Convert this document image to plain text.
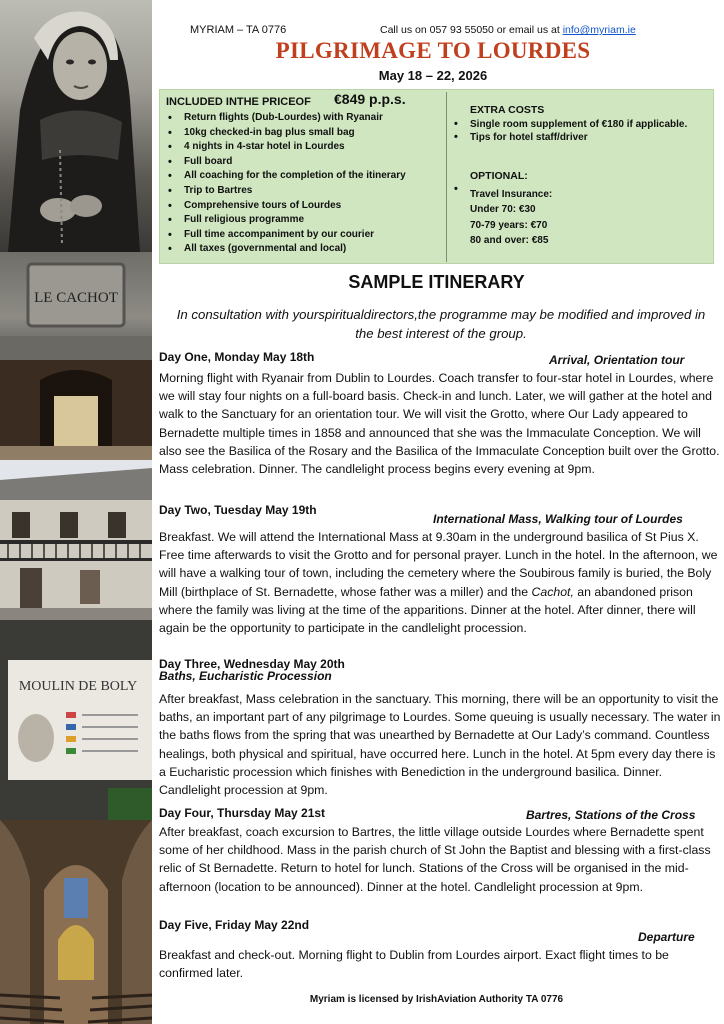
LE CACHOT
MOULIN DE BOLY
MYRIAM – TA 0776	Call us on 057 93 55050 or email us at info@myriam.ie
PILGRIMAGE TO LOURDES
May 18 – 22, 2026
INCLUDED INTHE PRICEOF €849 p.p.s.
• Return flights (Dub-Lourdes) with Ryanair
• 10kg checked-in bag plus small bag
• 4 nights in 4-star hotel in Lourdes
• Full board
• All coaching for the completion of the itinerary
• Trip to Bartres
• Comprehensive tours of Lourdes
• Full religious programme
• Full time accompaniment by our courier
• All taxes (governmental and local)
EXTRA COSTS
• Single room supplement of €180 if applicable.
• Tips for hotel staff/driver
OPTIONAL:
• Travel Insurance:
Under 70: €30
70-79 years: €70
80 and over: €85
SAMPLE ITINERARY
In consultation with yourspiritualdirectors,the programme may be modified and improved in the best interest of the group.
Day One, Monday May 18th	Arrival, Orientation tour
Morning flight with Ryanair from Dublin to Lourdes. Coach transfer to four-star hotel in Lourdes, where we will stay four nights on a full-board basis. Check-in and lunch. Later, we will gather at the hotel and walk to the Sanctuary for an orientation tour. We will visit the Grotto, where Our Lady appeared to Bernadette multiple times in 1858 and announced that she was the Immaculate Conception. We will also see the Basilica of the Rosary and the Basilica of the Immaculate Conception built over the Grotto. Mass celebration. Dinner. The candlelight process begins every evening at 9pm.
Day Two, Tuesday May 19th
International Mass, Walking tour of Lourdes
Breakfast. We will attend the International Mass at 9.30am in the underground basilica of St Pius X. Free time afterwards to visit the Grotto and for personal prayer. Lunch in the hotel. In the afternoon, we will have a walking tour of town, including the cemetery where the Soubirous family is buried, the Boly Mill (birthplace of St. Bernadette, whose father was a miller) and the Cachot, an abandoned prison where the family was living at the time of the apparitions. Dinner at the hotel. After dinner, there will again be the opportunity to participate in the candlelight procession.
Day Three, Wednesday May 20th
Baths, Eucharistic Procession
After breakfast, Mass celebration in the sanctuary. This morning, there will be an opportunity to visit the baths, an important part of any pilgrimage to Lourdes. Some queuing is usually necessary. The water in the baths flows from the spring that was unearthed by Bernadette at Our Lady’s command. Countless healings, both physical and spiritual, have occurred here. Lunch in the hotel. At 5pm every day there is a Eucharistic procession which finishes with Benediction in the underground basilica. Dinner. Candlelight procession at 9pm.
Day Four, Thursday May 21st	Bartres, Stations of the Cross
After breakfast, coach excursion to Bartres, the little village outside Lourdes where Bernadette spent some of her childhood. Mass in the parish church of St John the Baptist and blessing with a first-class relic of St Bernadette. Return to hotel for lunch. Stations of the Cross will be organised in the mid-afternoon (location to be announced). Dinner at the hotel. Candlelight procession at 9pm.
Day Five, Friday May 22nd
Departure
Breakfast and check-out. Morning flight to Dublin from Lourdes airport. Exact flight times to be confirmed later.
Myriam is licensed by IrishAviation Authority TA 0776
